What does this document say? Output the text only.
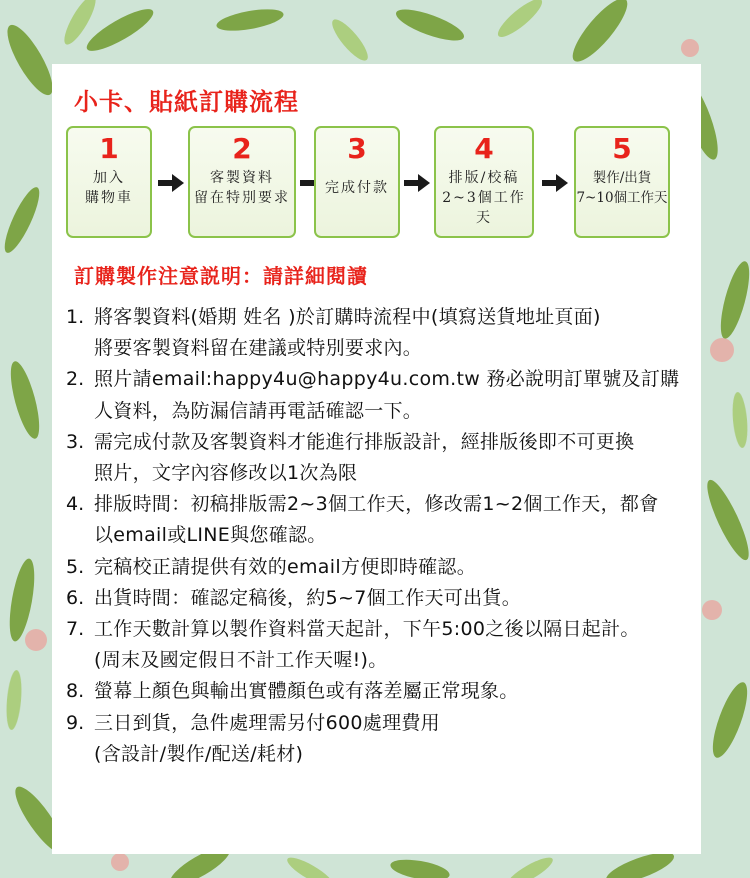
小卡、貼紙訂購流程
1
加入
購物車
2
客製資料
留在特別要求
3
完成付款
4
排版/校稿
2~3個工作天
5
製作/出貨
7~10個工作天
訂購製作注意説明：請詳細閱讀
1. 將客製資料(婚期 姓名 )於訂購時流程中(填寫送貨地址頁面)
將要客製資料留在建議或特別要求內。
2. 照片請email:happy4u@happy4u.com.tw 務必說明訂單號及訂購
人資料，為防漏信請再電話確認一下。
3. 需完成付款及客製資料才能進行排版設計，經排版後即不可更換
照片，文字內容修改以1次為限
4. 排版時間：初稿排版需2~3個工作天，修改需1~2個工作天，都會
以email或LINE與您確認。
5. 完稿校正請提供有效的email方便即時確認。
6. 出貨時間：確認定稿後，約5~7個工作天可出貨。
7. 工作天數計算以製作資料當天起計，下午5:00之後以隔日起計。
(周末及國定假日不計工作天喔!)。
8. 螢幕上顏色與輸出實體顏色或有落差屬正常現象。
9. 三日到貨，急件處理需另付600處理費用
(含設計/製作/配送/耗材)
